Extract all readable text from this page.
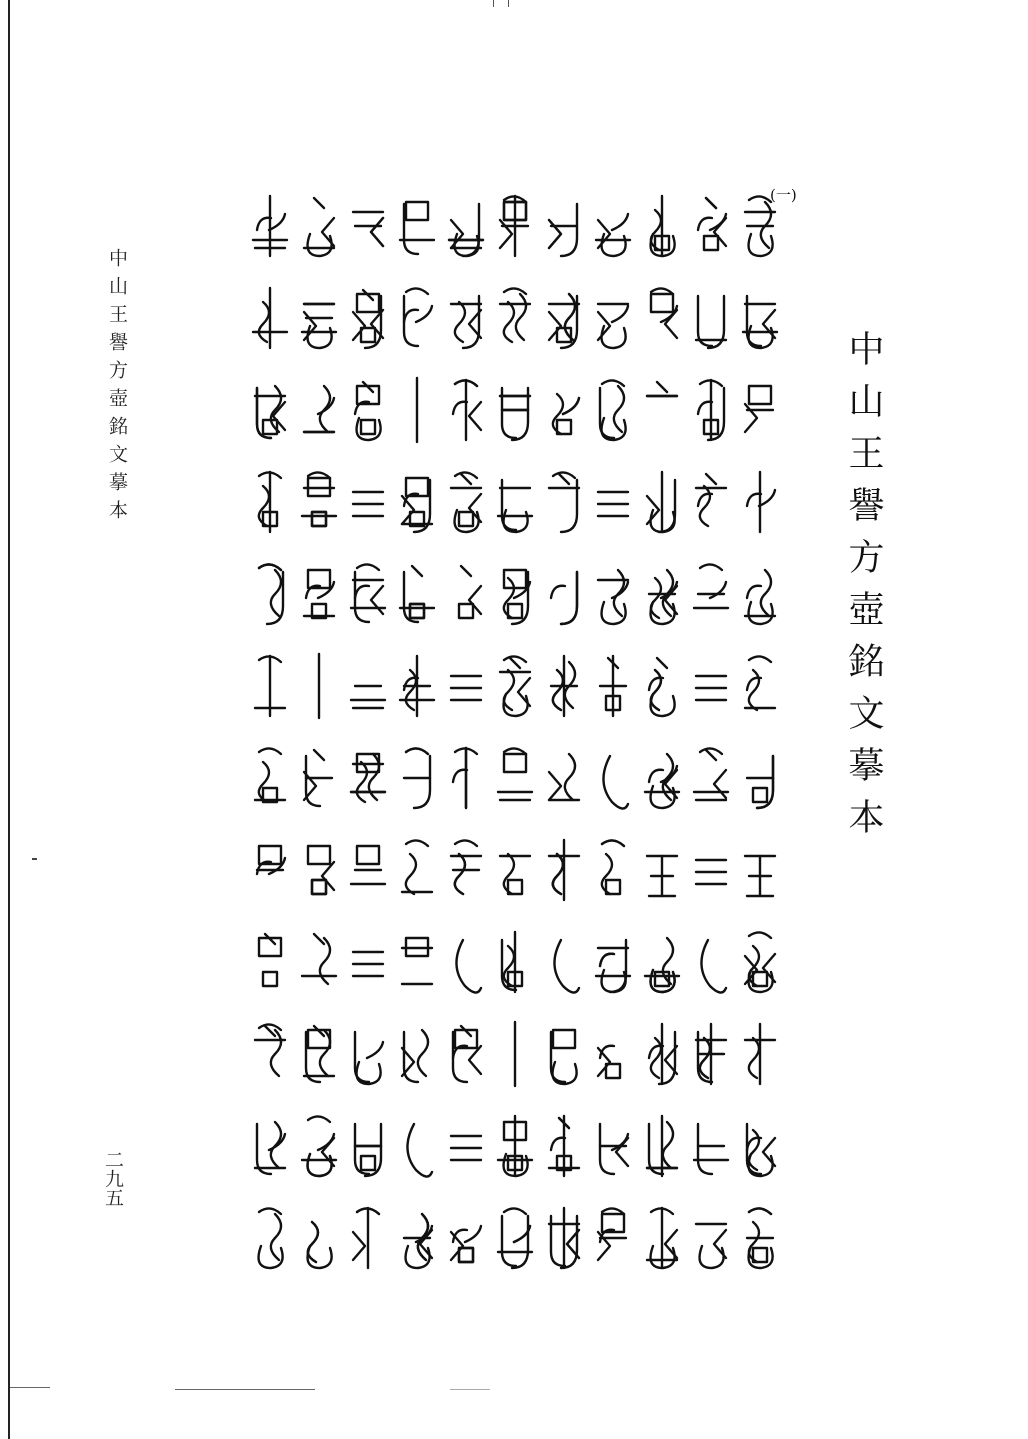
中山王譽方壺銘文摹本
二九五
中山王譽方壺銘文摹本
(一)
